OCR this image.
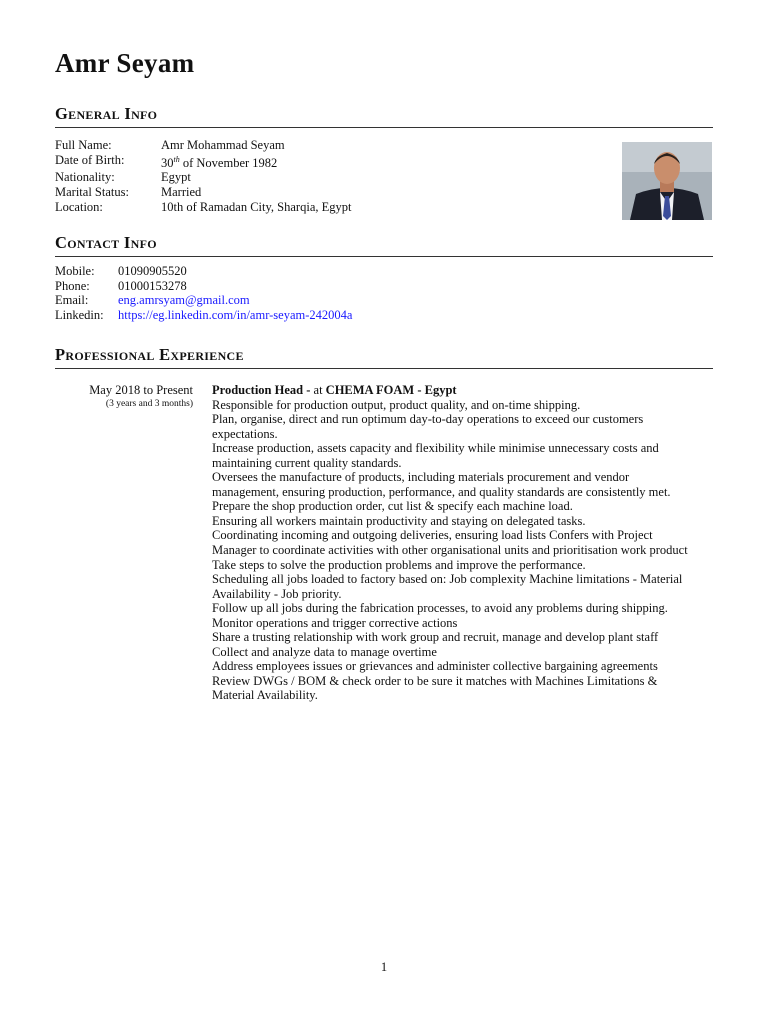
Amr Seyam
General Info
Full Name:	Amr Mohammad Seyam
Date of Birth:	30th of November 1982
Nationality:	Egypt
Marital Status:	Married
Location:	10th of Ramadan City, Sharqia, Egypt
Contact Info
Mobile:	01090905520
Phone:	01000153278
Email:	eng.amrsyam@gmail.com
Linkedin:	https://eg.linkedin.com/in/amr-seyam-242004a
Professional Experience
May 2018 to Present
(3 years and 3 months)
Production Head - at CHEMA FOAM - Egypt
Responsible for production output, product quality, and on-time shipping.
Plan, organise, direct and run optimum day-to-day operations to exceed our customers expectations.
Increase production, assets capacity and flexibility while minimise unnecessary costs and maintaining current quality standards.
Oversees the manufacture of products, including materials procurement and vendor management, ensuring production, performance, and quality standards are consistently met.
Prepare the shop production order, cut list & specify each machine load.
Ensuring all workers maintain productivity and staying on delegated tasks.
Coordinating incoming and outgoing deliveries, ensuring load lists Confers with Project Manager to coordinate activities with other organisational units and prioritisation work product
Take steps to solve the production problems and improve the performance.
Scheduling all jobs loaded to factory based on: Job complexity Machine limitations - Material Availability - Job priority.
Follow up all jobs during the fabrication processes, to avoid any problems during shipping.
Monitor operations and trigger corrective actions
Share a trusting relationship with work group and recruit, manage and develop plant staff
Collect and analyze data to manage overtime
Address employees issues or grievances and administer collective bargaining agreements
Review DWGs / BOM & check order to be sure it matches with Machines Limitations & Material Availability.
1
